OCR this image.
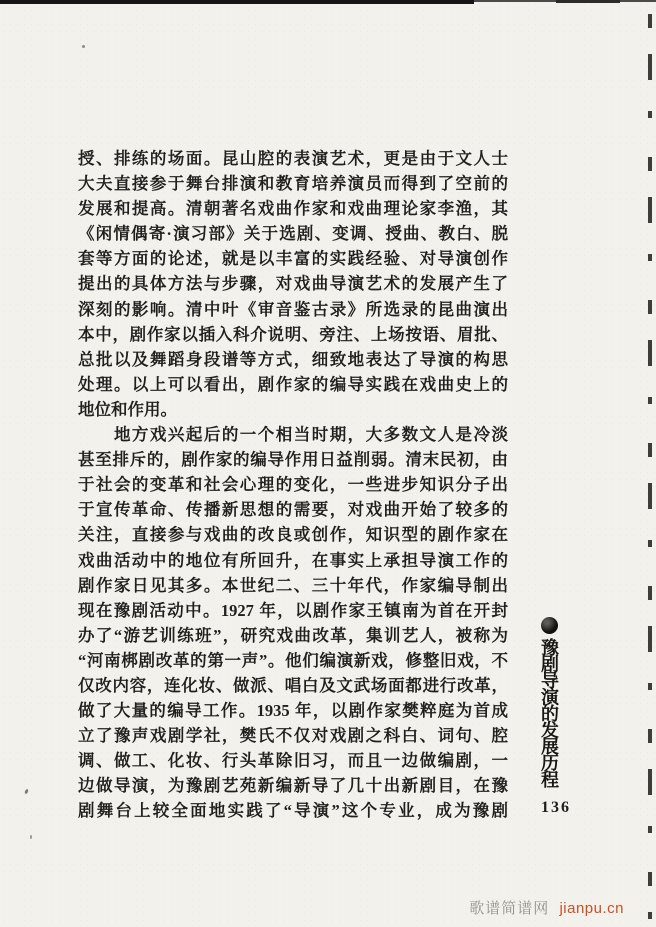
授、排练的场面。昆山腔的表演艺术，更是由于文人士
大夫直接参于舞台排演和教育培养演员而得到了空前的
发展和提高。清朝著名戏曲作家和戏曲理论家李渔，其
《闲情偶寄·演习部》关于选剧、变调、授曲、教白、脱
套等方面的论述，就是以丰富的实践经验、对导演创作
提出的具体方法与步骤，对戏曲导演艺术的发展产生了
深刻的影响。清中叶《审音鉴古录》所选录的昆曲演出
本中，剧作家以插入科介说明、旁注、上场按语、眉批、
总批以及舞蹈身段谱等方式，细致地表达了导演的构思
处理。以上可以看出，剧作家的编导实践在戏曲史上的
地位和作用。
　　地方戏兴起后的一个相当时期，大多数文人是冷淡
甚至排斥的，剧作家的编导作用日益削弱。清末民初，由
于社会的变革和社会心理的变化，一些进步知识分子出
于宣传革命、传播新思想的需要，对戏曲开始了较多的
关注，直接参与戏曲的改良或创作，知识型的剧作家在
戏曲活动中的地位有所回升，在事实上承担导演工作的
剧作家日见其多。本世纪二、三十年代，作家编导制出
现在豫剧活动中。1927 年，以剧作家王镇南为首在开封
办了“游艺训练班”，研究戏曲改革，集训艺人，被称为
“河南梆剧改革的第一声”。他们编演新戏，修整旧戏，不
仅改内容，连化妆、做派、唱白及文武场面都进行改革，
做了大量的编导工作。1935 年，以剧作家樊粹庭为首成
立了豫声戏剧学社，樊氏不仅对戏剧之科白、词句、腔
调、做工、化妆、行头革除旧习，而且一边做编剧，一
边做导演，为豫剧艺苑新编新导了几十出新剧目，在豫
剧舞台上较全面地实践了“导演”这个专业，成为豫剧
豫剧导演的发展历程
136
歌谱简谱网 jianpu.cn
